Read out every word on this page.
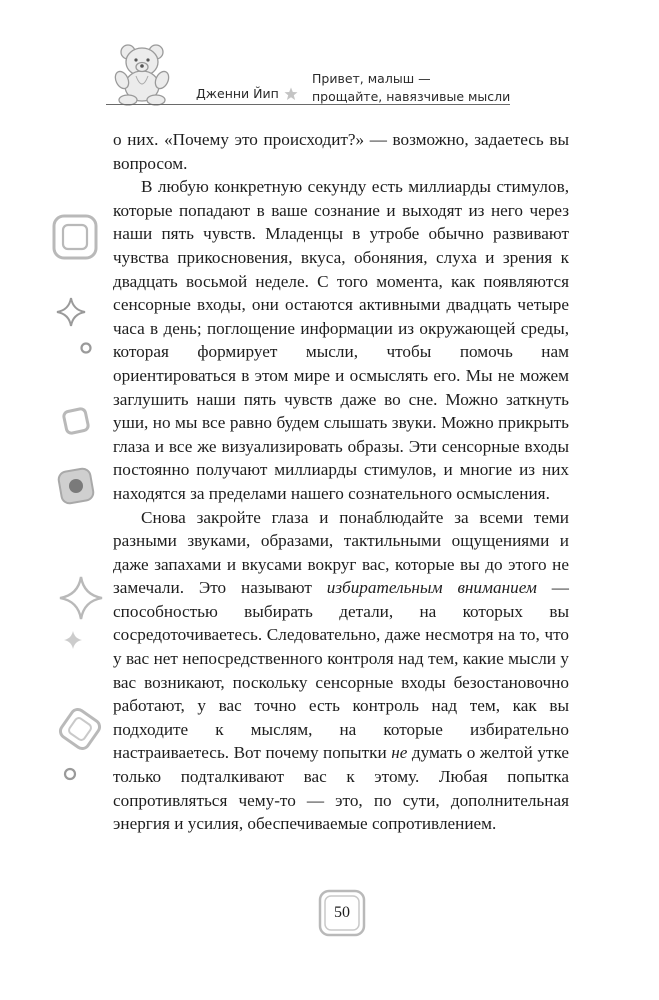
Дженни Йип
Привет, малыш —
прощайте, навязчивые мысли

о них. «Почему это происходит?» — возможно, задаетесь вы вопросом.

В любую конкретную секунду есть миллиарды стимулов, которые попадают в ваше сознание и выходят из него через наши пять чувств. Младенцы в утробе обычно развивают чувства прикосновения, вкуса, обоняния, слуха и зрения к двадцать восьмой неделе. С того момента, как появляются сенсорные входы, они остаются активными двадцать четыре часа в день; поглощение информации из окружающей среды, которая формирует мысли, чтобы помочь нам ориентироваться в этом мире и осмыслять его. Мы не можем заглушить наши пять чувств даже во сне. Можно заткнуть уши, но мы все равно будем слышать звуки. Можно прикрыть глаза и все же визуализировать образы. Эти сенсорные входы постоянно получают миллиарды стимулов, и многие из них находятся за пределами нашего сознательного осмысления.

Снова закройте глаза и понаблюдайте за всеми теми разными звуками, образами, тактильными ощущениями и даже запахами и вкусами вокруг вас, которые вы до этого не замечали. Это называют избирательным вниманием — способностью выбирать детали, на которых вы сосредоточиваетесь. Следовательно, даже несмотря на то, что у вас нет непосредственного контроля над тем, какие мысли у вас возникают, поскольку сенсорные входы безостановочно работают, у вас точно есть контроль над тем, как вы подходите к мыслям, на которые избирательно настраиваетесь. Вот почему попытки не думать о желтой утке только подталкивают вас к этому. Любая попытка сопротивляться чему-то — это, по сути, дополнительная энергия и усилия, обеспечиваемые сопротивлением.

50
